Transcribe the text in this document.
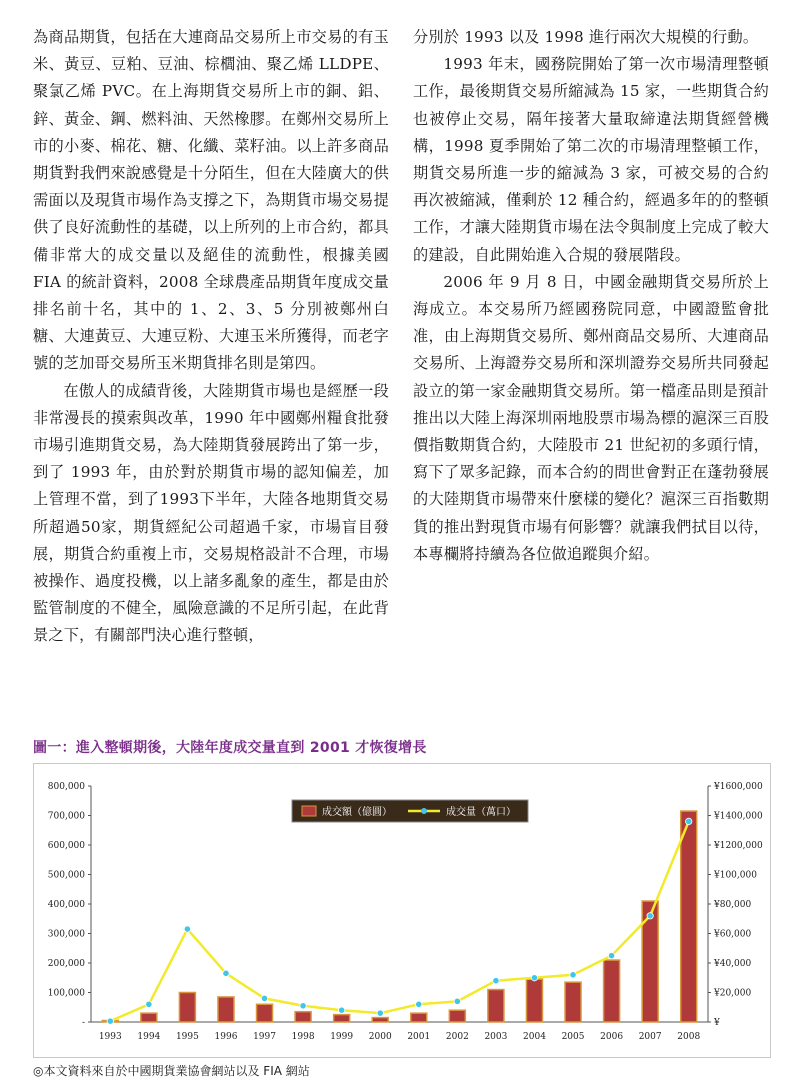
為商品期貨，包括在大連商品交易所上市交易的有玉米、黃豆、豆粕、豆油、棕櫚油、聚乙烯 LLDPE、聚氯乙烯 PVC。在上海期貨交易所上市的銅、鋁、鋅、黃金、鋼、燃料油、天然橡膠。在鄭州交易所上市的小麥、棉花、糖、化纖、菜籽油。以上許多商品期貨對我們來說感覺是十分陌生，但在大陸廣大的供需面以及現貨市場作為支撐之下，為期貨市場交易提供了良好流動性的基礎，以上所列的上市合約，都具備非常大的成交量以及絕佳的流動性，根據美國 FIA 的統計資料，2008 全球農產品期貨年度成交量排名前十名，其中的 1、2、3、5 分別被鄭州白糖、大連黃豆、大連豆粉、大連玉米所獲得，而老字號的芝加哥交易所玉米期貨排名則是第四。

在傲人的成績背後，大陸期貨市場也是經歷一段非常漫長的摸索與改革，1990 年中國鄭州糧食批發市場引進期貨交易，為大陸期貨發展跨出了第一步，到了 1993 年，由於對於期貨市場的認知偏差，加上管理不當，到了1993下半年，大陸各地期貨交易所超過50家，期貨經紀公司超過千家，市場盲目發展，期貨合約重複上市，交易規格設計不合理，市場被操作、過度投機，以上諸多亂象的產生，都是由於監管制度的不健全，風險意識的不足所引起，在此背景之下，有關部門決心進行整頓，

分別於 1993 以及 1998 進行兩次大規模的行動。

1993 年末，國務院開始了第一次市場清理整頓工作，最後期貨交易所縮減為 15 家，一些期貨合約也被停止交易，隔年接著大量取締違法期貨經營機構，1998 夏季開始了第二次的市場清理整頓工作，期貨交易所進一步的縮減為 3 家，可被交易的合約再次被縮減，僅剩於 12 種合約，經過多年的的整頓工作，才讓大陸期貨市場在法令與制度上完成了較大的建設，自此開始進入合規的發展階段。

2006 年 9 月 8 日，中國金融期貨交易所於上海成立。本交易所乃經國務院同意，中國證監會批准，由上海期貨交易所、鄭州商品交易所、大連商品交易所、上海證券交易所和深圳證券交易所共同發起設立的第一家金融期貨交易所。第一檔產品則是預計推出以大陸上海深圳兩地股票市場為標的滬深三百股價指數期貨合約，大陸股市 21 世紀初的多頭行情，寫下了眾多記錄，而本合約的問世會對正在蓬勃發展的大陸期貨市場帶來什麼樣的變化？滬深三百指數期貨的推出對現貨市場有何影響？就讓我們拭目以待，本專欄將持續為各位做追蹤與介紹。

圖一：進入整頓期後，大陸年度成交量直到 2001 才恢復增長
800,000
700,000
600,000
500,000
400,000
300,000
200,000
100,000
-
¥1600,000
¥1400,000
¥1200,000
¥100,000
¥80,000
¥60,000
¥40,000
¥20,000
¥
1993 1994 1995 1996 1997 1998 1999 2000 2001 2002 2003 2004 2005 2006 2007 2008
成交額（億圓）	成交量（萬口）
◎本文資料來自於中國期貨業協會網站以及 FIA 網站
